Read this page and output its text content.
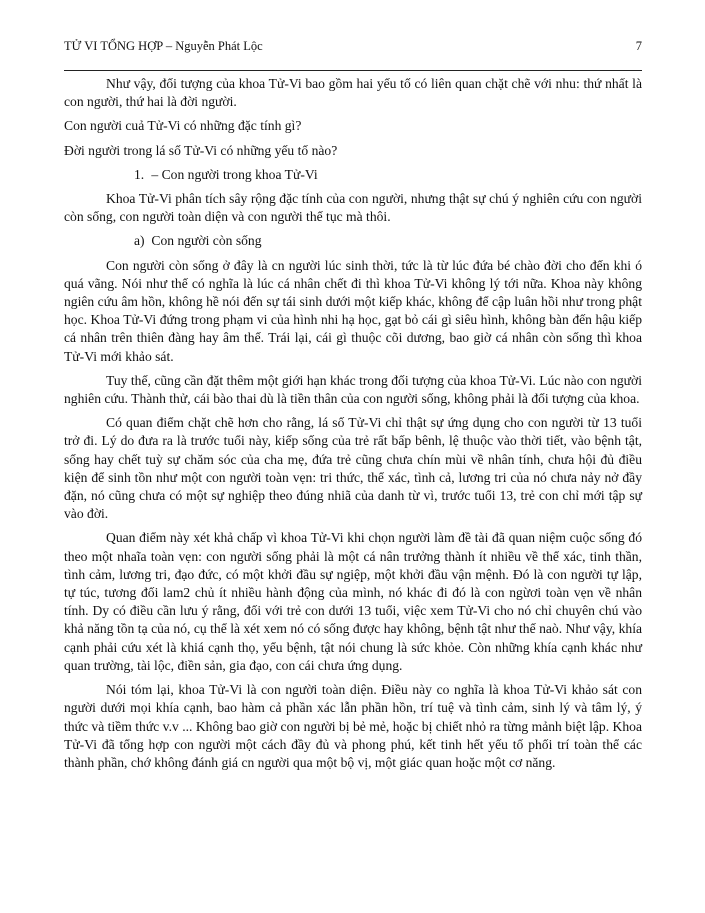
TỬ VI TỔNG HỢP – Nguyễn Phát Lộc	7

Như vậy, đối tượng của khoa Tử-Vi bao gồm hai yếu tố có liên quan chặt chẽ với nhu: thứ nhất là con người, thứ hai là đời người.

Con người cuả Tử-Vi có những đặc tính gì?

Đời người trong lá số Tử-Vi có những yếu tố nào?

1. – Con người trong khoa Tử-Vi

Khoa Tử-Vi phân tích sây rộng đặc tính của con người, nhưng thật sự chú ý nghiên cứu con người còn sống, con người toàn diện và con người thế tục mà thôi.

a) Con người còn sống

Con người còn sống ở đây là cn người lúc sinh thời, tức là từ lúc đứa bé chào đời cho đến khi ó quá vãng. Nói như thế có nghĩa là lúc cá nhân chết đi thì khoa Tử-Vi không lý tới nữa. Khoa này không ngiên cứu âm hồn, không hề nói đến sự tái sinh dưới một kiếp khác, không để cập luân hồi như trong phật học. Khoa Tử-Vi đứng trong phạm vi của hình nhi hạ học, gạt bỏ cái gì siêu hình, không bàn đến hậu kiếp cá nhân trên thiên đàng hay âm thế. Trái lại, cái gì thuộc cõi dương, bao giờ cá nhân còn sống thì khoa Tử-Vi mới khảo sát.

Tuy thế, cũng cần đặt thêm một giới hạn khác trong đối tượng của khoa Tử-Vi. Lúc nào con người nghiên cứu. Thành thử, cái bào thai dù là tiền thân của con người sống, không phải là đối tượng của khoa.

Có quan điểm chặt chẽ hơn cho rằng, lá số Tử-Vi chỉ thật sự ứng dụng cho con người từ 13 tuổi trở đi. Lý do đưa ra là trước tuổi này, kiếp sống của trẻ rất bấp bênh, lệ thuộc vào thời tiết, vào bệnh tật, sống hay chết tuỳ sự chăm sóc của cha mẹ, đứa trẻ cũng chưa chín mùi về nhân tính, chưa hội đủ điều kiện để sinh tồn như một con người toàn vẹn: tri thức, thể xác, tình cả, lương tri của nó chưa nảy nở đầy đặn, nó cũng chưa có một sự nghiệp theo đúng nhiã của danh từ vì, trước tuổi 13, trẻ con chỉ mới tập sự vào đời.

Quan điểm này xét khả chấp vì khoa Tử-Vi khi chọn người làm đề tài đã quan niệm cuộc sống đó theo một nhaĩa toàn vẹn: con người sống phải là một cá nân trưởng thành ít nhiều về thể xác, tinh thần, tình cảm, lương tri, đạo đức, có một khởi đầu sự ngiệp, một khởi đầu vận mệnh. Đó là con người tự lập, tự túc, tương đối lam2 chủ ít nhiều hành động của mình, nó khác đi đó là con ngừơi toàn vẹn về nhân tính. Dy có điều cần lưu ý rằng, đối với trẻ con dưới 13 tuổi, việc xem Tử-Vi cho nó chỉ chuyên chú vào khả năng tồn tạ của nó, cụ thể là xét xem nó có sống được hay không, bệnh tật như thế naò. Như vậy, khía cạnh phải cứu xét là khiá cạnh thọ, yểu bệnh, tật nói chung là sức khỏe. Còn những khía cạnh khác như quan trường, tài lộc, điền sản, gia đạo, con cái chưa ứng dụng.

Nói tóm lại, khoa Tử-Vi là con người toàn diện. Điều này co nghĩa là khoa Tử-Vi khảo sát con người dưới mọi khía cạnh, bao hàm cả phần xác lẫn phần hồn, trí tuệ và tình cảm, sinh lý và tâm lý, ý thức và tiềm thức v.v ... Không bao giờ con người bị bẻ mẻ, hoặc bị chiết nhỏ ra từng mảnh biệt lập. Khoa Tử-Vi đã tổng hợp con người một cách đầy đủ và phong phú, kết tinh hết yếu tố phối trí toàn thể các thành phần, chớ không đánh giá cn người qua một bộ vị, một giác quan hoặc một cơ năng.
